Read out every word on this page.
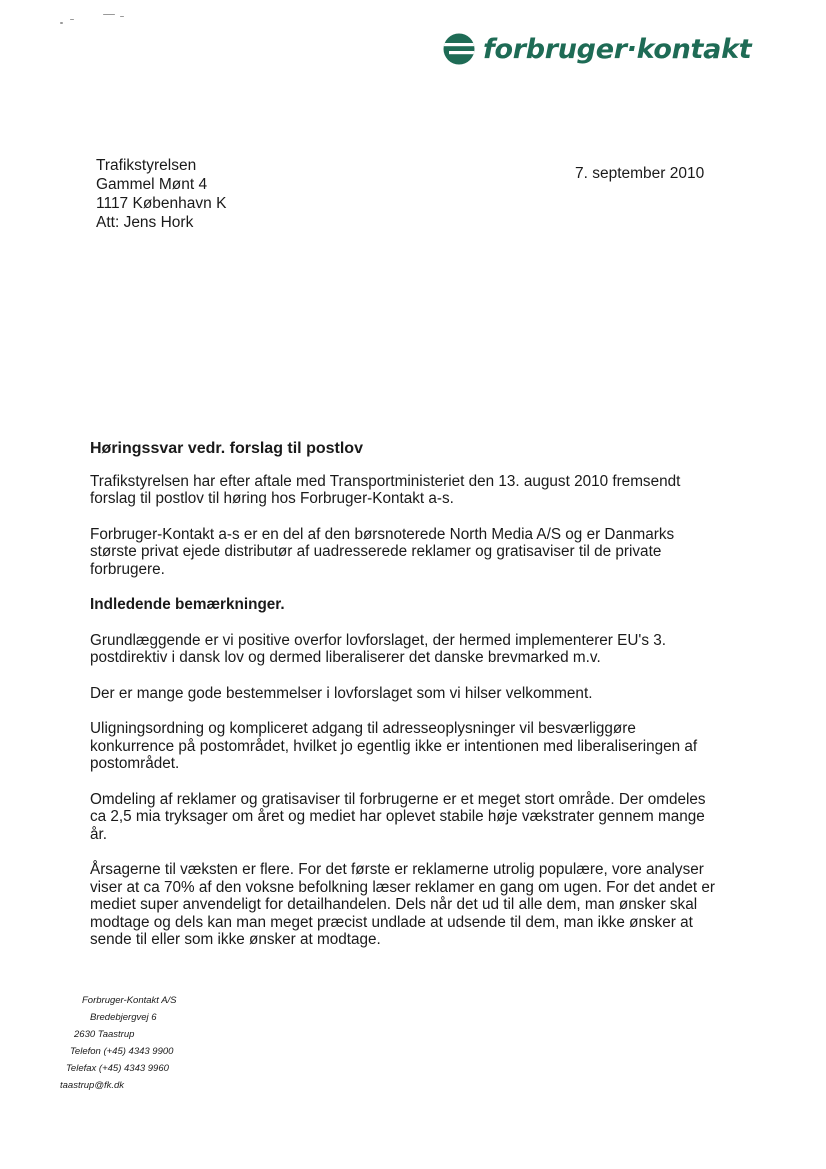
forbruger·kontakt
Trafikstyrelsen
Gammel Mønt 4
1117 København K
Att: Jens Hork
7. september 2010
Høringssvar vedr. forslag til postlov

Trafikstyrelsen har efter aftale med Transportministeriet den 13. august 2010 fremsendt forslag til postlov til høring hos Forbruger-Kontakt a-s.

Forbruger-Kontakt a-s er en del af den børsnoterede North Media A/S og er Danmarks største privat ejede distributør af uadresserede reklamer og gratisaviser til de private forbrugere.

Indledende bemærkninger.

Grundlæggende er vi positive overfor lovforslaget, der hermed implementerer EU's 3. postdirektiv i dansk lov og dermed liberaliserer det danske brevmarked m.v.

Der er mange gode bestemmelser i lovforslaget som vi hilser velkomment.

Uligningsordning og kompliceret adgang til adresseoplysninger vil besværliggøre konkurrence på postområdet, hvilket jo egentlig ikke er intentionen med liberaliseringen af postområdet.

Omdeling af reklamer og gratisaviser til forbrugerne er et meget stort område. Der omdeles ca 2,5 mia tryksager om året og mediet har oplevet stabile høje vækstrater gennem mange år.

Årsagerne til væksten er flere. For det første er reklamerne utrolig populære, vore analyser viser at ca 70% af den voksne befolkning læser reklamer en gang om ugen. For det andet er mediet super anvendeligt for detailhandelen. Dels når det ud til alle dem, man ønsker skal modtage og dels kan man meget præcist undlade at udsende til dem, man ikke ønsker at sende til eller som ikke ønsker at modtage.

Forbruger-Kontakt A/S
Bredebjergvej 6
2630 Taastrup
Telefon (+45) 4343 9900
Telefax (+45) 4343 9960
taastrup@fk.dk
